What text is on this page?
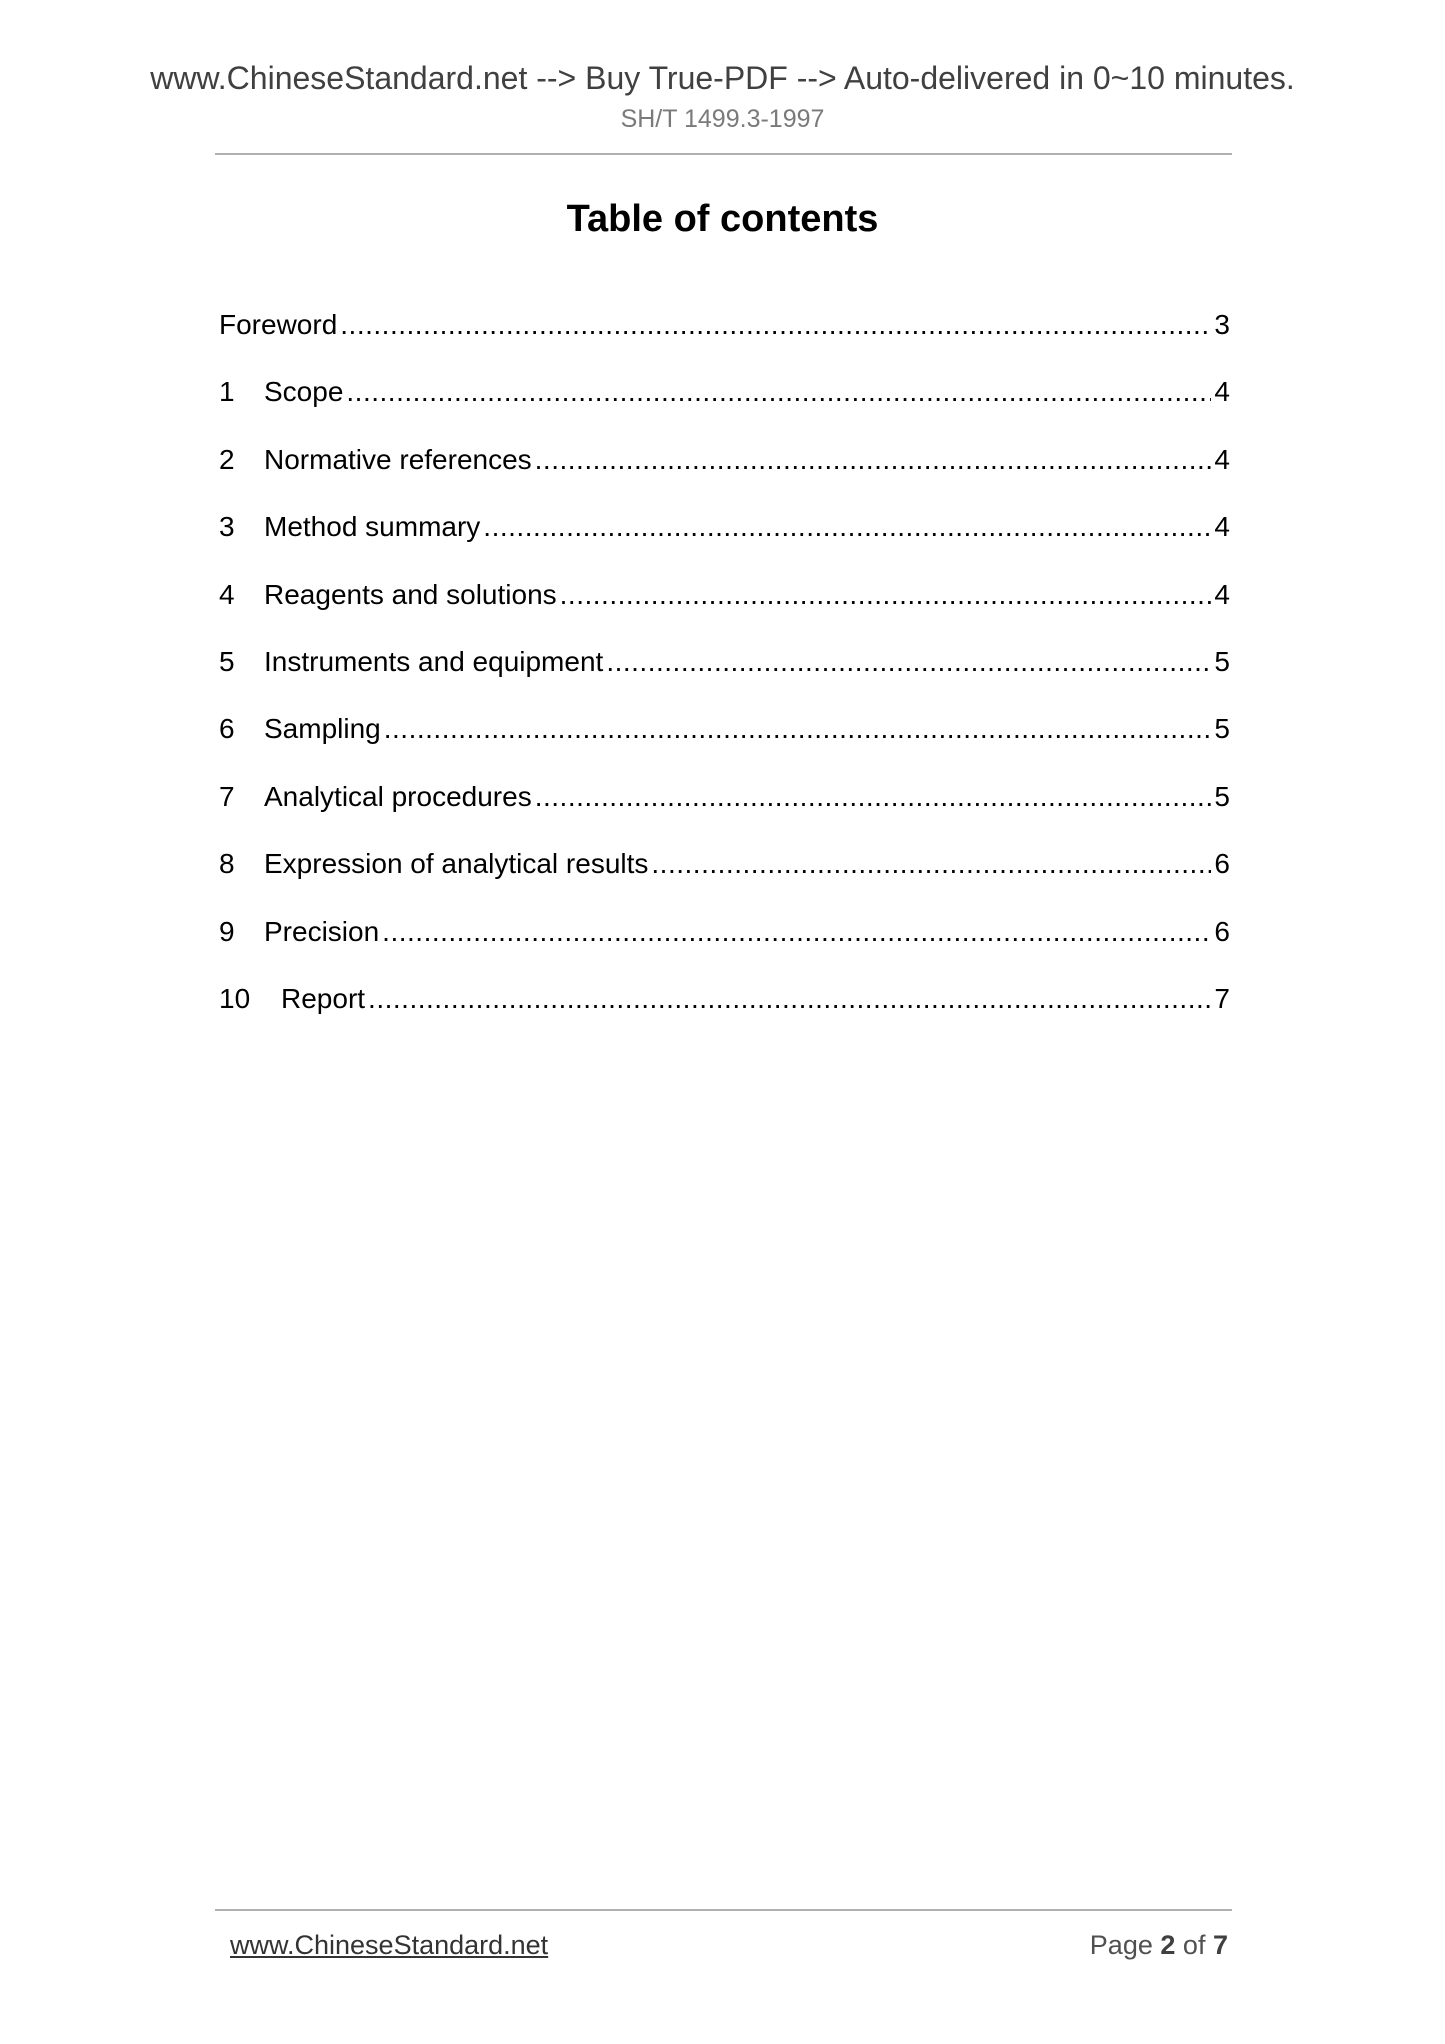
www.ChineseStandard.net --> Buy True-PDF --> Auto-delivered in 0~10 minutes.
SH/T 1499.3-1997
Table of contents
Foreword .....	3
1	Scope .....	4
2	Normative references .....	4
3	Method summary .....	4
4	Reagents and solutions .....	4
5	Instruments and equipment .....	5
6	Sampling .....	5
7	Analytical procedures .....	5
8	Expression of analytical results .....	6
9	Precision .....	6
10	Report .....	7
www.ChineseStandard.net	Page 2 of 7
